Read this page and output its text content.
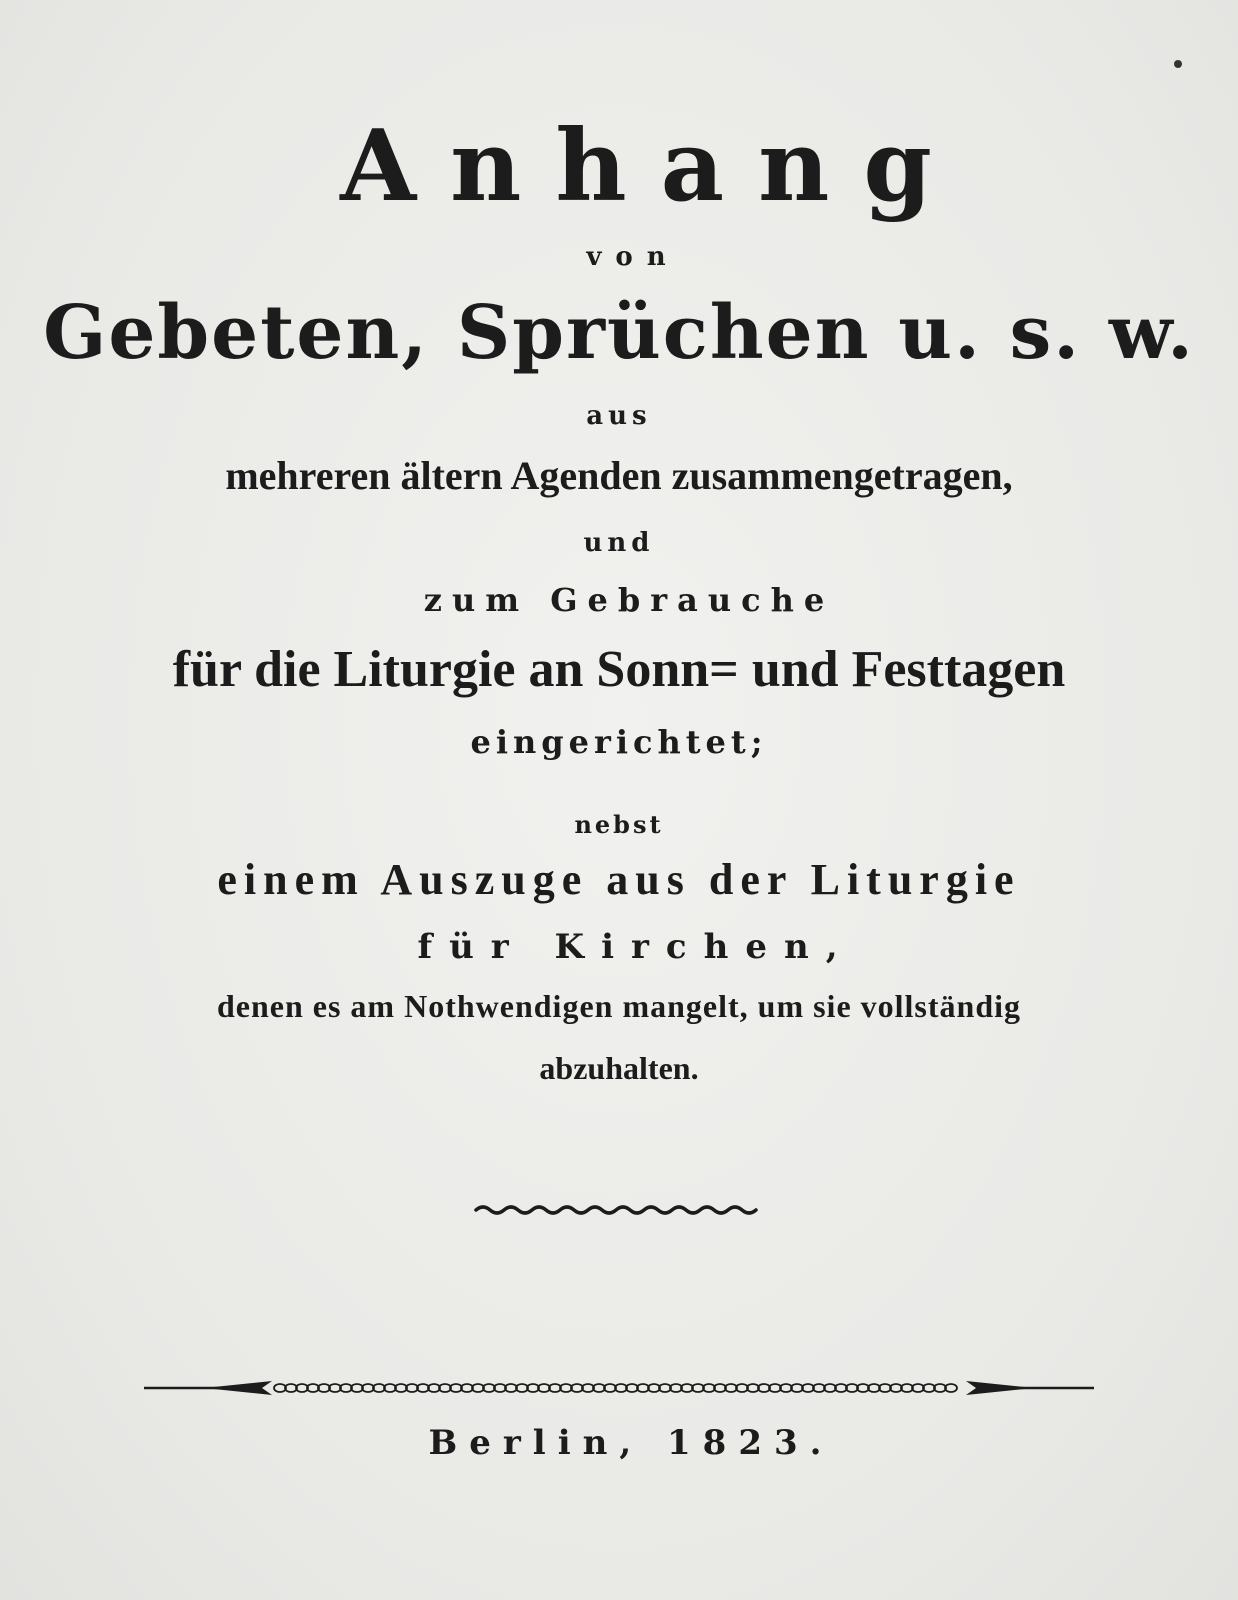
Anhang
von
Gebeten, Sprüchen u. s. w.
aus
mehreren ältern Agenden zusammengetragen,
und
zum Gebrauche
für die Liturgie an Sonn= und Festtagen
eingerichtet;
nebst
einem Auszuge aus der Liturgie
für Kirchen,
denen es am Nothwendigen mangelt, um sie vollständig
abzuhalten.
Berlin, 1823.
